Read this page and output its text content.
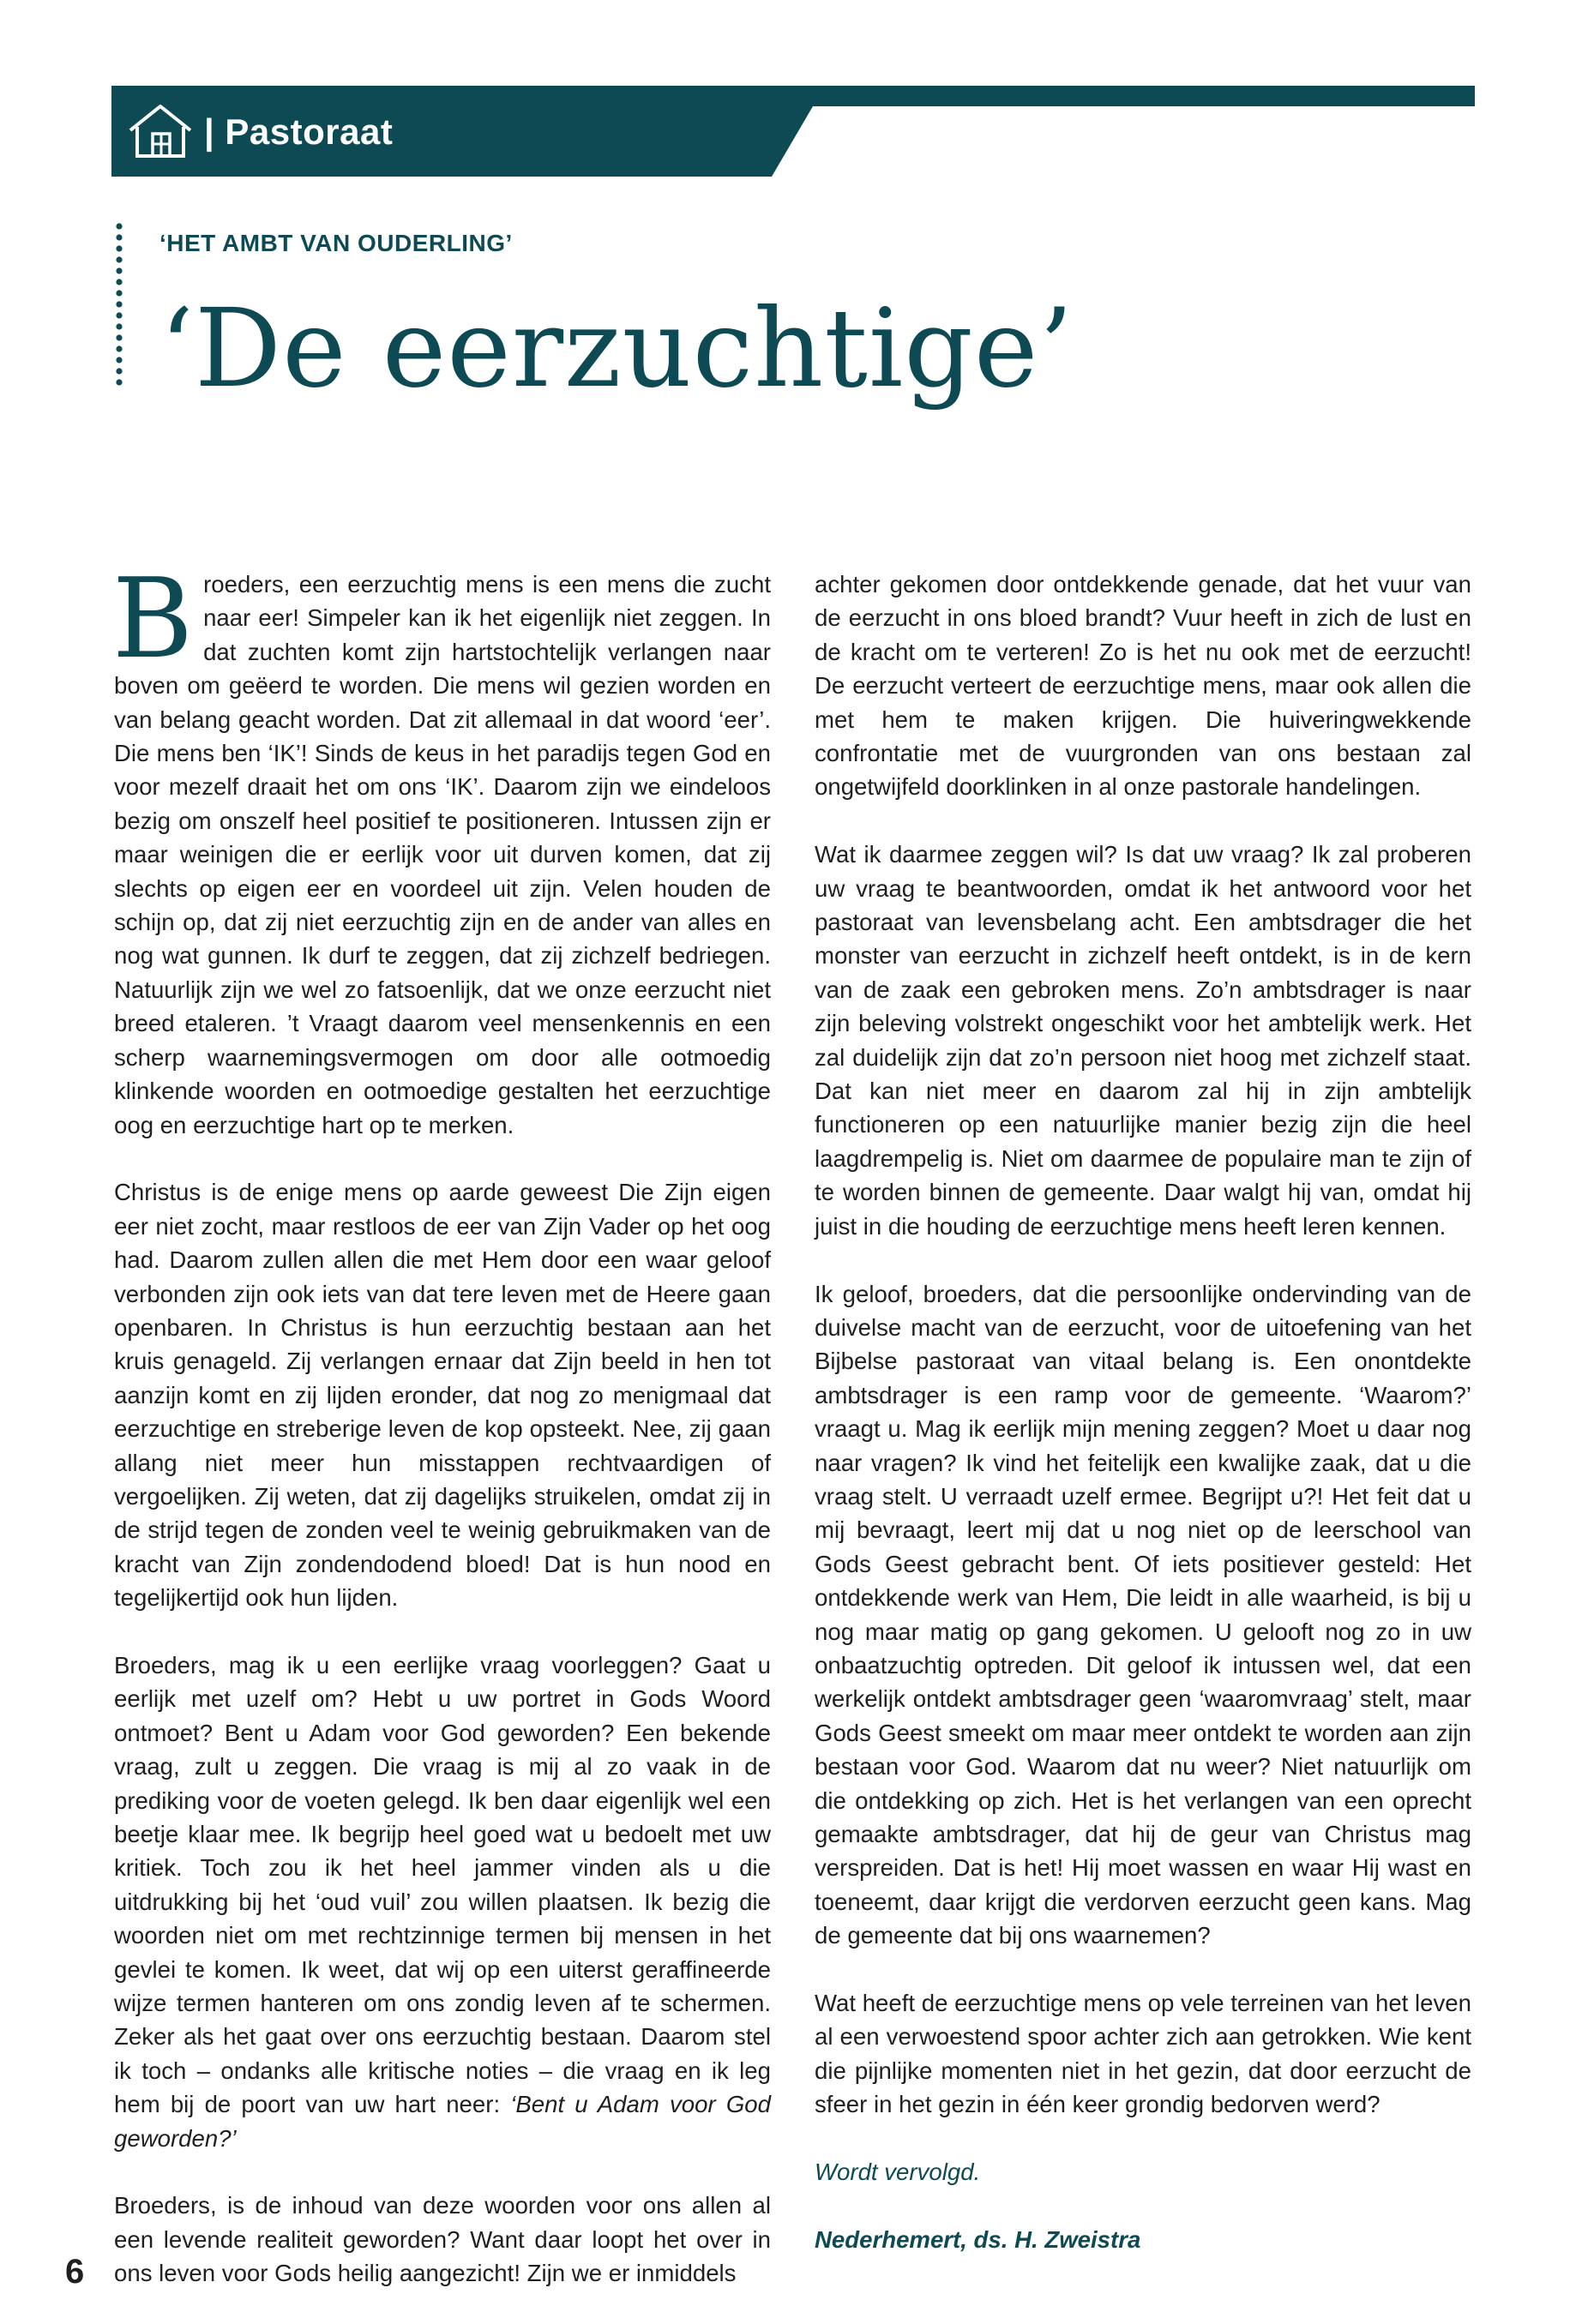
| Pastoraat
‘HET AMBT VAN OUDERLING’
‘De eerzuchtige’

Broeders, een eerzuchtig mens is een mens die zucht naar eer! Simpeler kan ik het eigenlijk niet zeggen. In dat zuchten komt zijn hartstochtelijk verlangen naar boven om geëerd te worden. Die mens wil gezien worden en van belang geacht worden. Dat zit allemaal in dat woord ‘eer’. Die mens ben ‘IK’! Sinds de keus in het paradijs tegen God en voor mezelf draait het om ons ‘IK’. Daarom zijn we eindeloos bezig om onszelf heel positief te positioneren. Intussen zijn er maar weinigen die er eerlijk voor uit durven komen, dat zij slechts op eigen eer en voordeel uit zijn. Velen houden de schijn op, dat zij niet eerzuchtig zijn en de ander van alles en nog wat gunnen. Ik durf te zeggen, dat zij zichzelf bedriegen. Natuurlijk zijn we wel zo fatsoenlijk, dat we onze eerzucht niet breed etaleren. ’t Vraagt daarom veel mensenkennis en een scherp waarnemingsvermogen om door alle ootmoedig klinkende woorden en ootmoedige gestalten het eerzuchtige oog en eerzuchtige hart op te merken.

Christus is de enige mens op aarde geweest Die Zijn eigen eer niet zocht, maar restloos de eer van Zijn Vader op het oog had. Daarom zullen allen die met Hem door een waar geloof verbonden zijn ook iets van dat tere leven met de Heere gaan openbaren. In Christus is hun eerzuchtig bestaan aan het kruis genageld. Zij verlangen ernaar dat Zijn beeld in hen tot aanzijn komt en zij lijden eronder, dat nog zo menigmaal dat eerzuchtige en streberige leven de kop opsteekt. Nee, zij gaan allang niet meer hun misstappen rechtvaardigen of vergoelijken. Zij weten, dat zij dagelijks struikelen, omdat zij in de strijd tegen de zonden veel te weinig gebruikmaken van de kracht van Zijn zondendodend bloed! Dat is hun nood en tegelijkertijd ook hun lijden.

Broeders, mag ik u een eerlijke vraag voorleggen? Gaat u eerlijk met uzelf om? Hebt u uw portret in Gods Woord ontmoet? Bent u Adam voor God geworden? Een bekende vraag, zult u zeggen. Die vraag is mij al zo vaak in de prediking voor de voeten gelegd. Ik ben daar eigenlijk wel een beetje klaar mee. Ik begrijp heel goed wat u bedoelt met uw kritiek. Toch zou ik het heel jammer vinden als u die uitdrukking bij het ‘oud vuil’ zou willen plaatsen. Ik bezig die woorden niet om met rechtzinnige termen bij mensen in het gevlei te komen. Ik weet, dat wij op een uiterst geraffineerde wijze termen hanteren om ons zondig leven af te schermen. Zeker als het gaat over ons eerzuchtig bestaan. Daarom stel ik toch – ondanks alle kritische noties – die vraag en ik leg hem bij de poort van uw hart neer: ‘Bent u Adam voor God geworden?’

Broeders, is de inhoud van deze woorden voor ons allen al een levende realiteit geworden? Want daar loopt het over in ons leven voor Gods heilig aangezicht! Zijn we er inmiddels

achter gekomen door ontdekkende genade, dat het vuur van de eerzucht in ons bloed brandt? Vuur heeft in zich de lust en de kracht om te verteren! Zo is het nu ook met de eerzucht! De eerzucht verteert de eerzuchtige mens, maar ook allen die met hem te maken krijgen. Die huiveringwekkende confrontatie met de vuurgronden van ons bestaan zal ongetwijfeld doorklinken in al onze pastorale handelingen.

Wat ik daarmee zeggen wil? Is dat uw vraag? Ik zal proberen uw vraag te beantwoorden, omdat ik het antwoord voor het pastoraat van levensbelang acht. Een ambtsdrager die het monster van eerzucht in zichzelf heeft ontdekt, is in de kern van de zaak een gebroken mens. Zo’n ambtsdrager is naar zijn beleving volstrekt ongeschikt voor het ambtelijk werk. Het zal duidelijk zijn dat zo’n persoon niet hoog met zichzelf staat. Dat kan niet meer en daarom zal hij in zijn ambtelijk functioneren op een natuurlijke manier bezig zijn die heel laagdrempelig is. Niet om daarmee de populaire man te zijn of te worden binnen de gemeente. Daar walgt hij van, omdat hij juist in die houding de eerzuchtige mens heeft leren kennen.

Ik geloof, broeders, dat die persoonlijke ondervinding van de duivelse macht van de eerzucht, voor de uitoefening van het Bijbelse pastoraat van vitaal belang is. Een onontdekte ambtsdrager is een ramp voor de gemeente. ‘Waarom?’ vraagt u. Mag ik eerlijk mijn mening zeggen? Moet u daar nog naar vragen? Ik vind het feitelijk een kwalijke zaak, dat u die vraag stelt. U verraadt uzelf ermee. Begrijpt u?! Het feit dat u mij bevraagt, leert mij dat u nog niet op de leerschool van Gods Geest gebracht bent. Of iets positiever gesteld: Het ontdekkende werk van Hem, Die leidt in alle waarheid, is bij u nog maar matig op gang gekomen. U gelooft nog zo in uw onbaatzuchtig optreden. Dit geloof ik intussen wel, dat een werkelijk ontdekt ambtsdrager geen ‘waaromvraag’ stelt, maar Gods Geest smeekt om maar meer ontdekt te worden aan zijn bestaan voor God. Waarom dat nu weer? Niet natuurlijk om die ontdekking op zich. Het is het verlangen van een oprecht gemaakte ambtsdrager, dat hij de geur van Christus mag verspreiden. Dat is het! Hij moet wassen en waar Hij wast en toeneemt, daar krijgt die verdorven eerzucht geen kans. Mag de gemeente dat bij ons waarnemen?

Wat heeft de eerzuchtige mens op vele terreinen van het leven al een verwoestend spoor achter zich aan getrokken. Wie kent die pijnlijke momenten niet in het gezin, dat door eerzucht de sfeer in het gezin in één keer grondig bedorven werd?

Wordt vervolgd.

Nederhemert, ds. H. Zweistra

6
